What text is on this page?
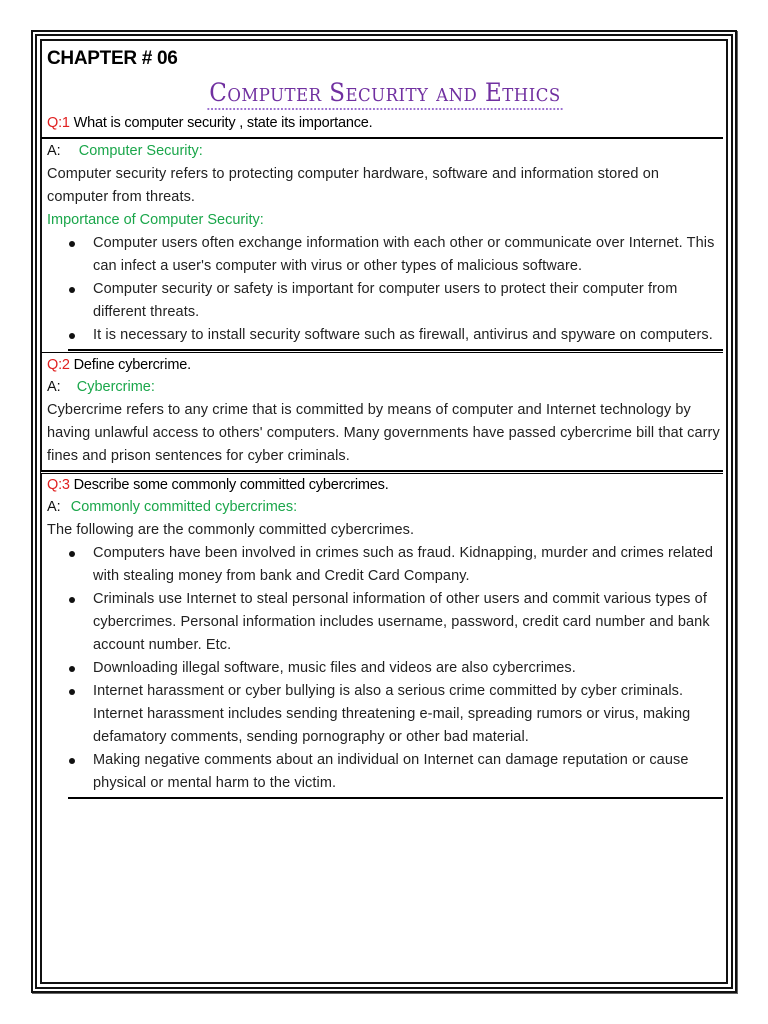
CHAPTER # 06
Computer Security and Ethics
Q:1 What is computer security , state its importance.
A: Computer Security:
Computer security refers to protecting computer hardware, software and information stored on computer from threats.
Importance of Computer Security:
Computer users often exchange information with each other or communicate over Internet. This can infect a user's computer with virus or other types of malicious software.
Computer security or safety is important for computer users to protect their computer from different threats.
It is necessary to install security software such as firewall, antivirus and spyware on computers.
Q:2 Define cybercrime.
A: Cybercrime:
Cybercrime refers to any crime that is committed by means of computer and Internet technology by having unlawful access to others' computers. Many governments have passed cybercrime bill that carry fines and prison sentences for cyber criminals.
Q:3 Describe some commonly committed cybercrimes.
A: Commonly committed cybercrimes:
The following are the commonly committed cybercrimes.
Computers have been involved in crimes such as fraud. Kidnapping, murder and crimes related with stealing money from bank and Credit Card Company.
Criminals use Internet to steal personal information of other users and commit various types of cybercrimes. Personal information includes username, password, credit card number and bank account number. Etc.
Downloading illegal software, music files and videos are also cybercrimes.
Internet harassment or cyber bullying is also a serious crime committed by cyber criminals. Internet harassment includes sending threatening e-mail, spreading rumors or virus, making defamatory comments, sending pornography or other bad material.
Making negative comments about an individual on Internet can damage reputation or cause physical or mental harm to the victim.
